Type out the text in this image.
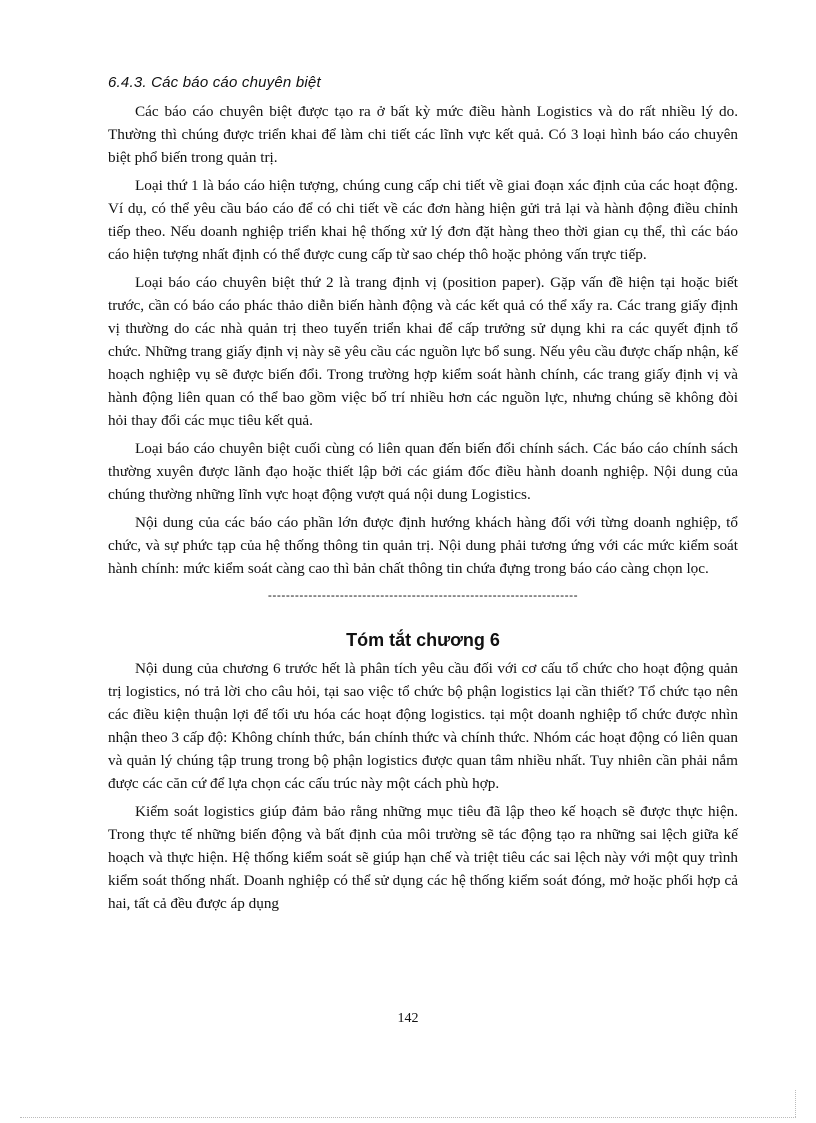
6.4.3. Các báo cáo chuyên biệt

Các báo cáo chuyên biệt được tạo ra ở bất kỳ mức điều hành Logistics và do rất nhiều lý do. Thường thì chúng được triển khai để làm chi tiết các lĩnh vực kết quả. Có 3 loại hình báo cáo chuyên biệt phổ biến trong quản trị.

Loại thứ 1 là báo cáo hiện tượng, chúng cung cấp chi tiết về giai đoạn xác định của các hoạt động. Ví dụ, có thể yêu cầu báo cáo để có chi tiết về các đơn hàng hiện gửi trả lại và hành động điều chỉnh tiếp theo. Nếu doanh nghiệp triển khai hệ thống xử lý đơn đặt hàng theo thời gian cụ thể, thì các báo cáo hiện tượng nhất định có thể được cung cấp từ sao chép thô hoặc phỏng vấn trực tiếp.

Loại báo cáo chuyên biệt thứ 2 là trang định vị (position paper). Gặp vấn đề hiện tại hoặc biết trước, cần có báo cáo phác thảo diễn biến hành động và các kết quả có thể xẩy ra. Các trang giấy định vị thường do các nhà quản trị theo tuyến triển khai để cấp trưởng sử dụng khi ra các quyết định tổ chức. Những trang giấy định vị này sẽ yêu cầu các nguồn lực bổ sung. Nếu yêu cầu được chấp nhận, kế hoạch nghiệp vụ sẽ được biến đổi. Trong trường hợp kiểm soát hành chính, các trang giấy định vị và hành động liên quan có thể bao gồm việc bố trí nhiều hơn các nguồn lực, nhưng chúng sẽ không đòi hỏi thay đổi các mục tiêu kết quả.

Loại báo cáo chuyên biệt cuối cùng có liên quan đến biến đổi chính sách. Các báo cáo chính sách thường xuyên được lãnh đạo hoặc thiết lập bởi các giám đốc điều hành doanh nghiệp. Nội dung của chúng thường những lĩnh vực hoạt động vượt quá nội dung Logistics.

Nội dung của các báo cáo phần lớn được định hướng khách hàng đối với từng doanh nghiệp, tổ chức, và sự phức tạp của hệ thống thông tin quản trị. Nội dung phải tương ứng với các mức kiểm soát hành chính: mức kiểm soát càng cao thì bản chất thông tin chứa đựng trong báo cáo càng chọn lọc.

---------------------------------------------------------------------
Tóm tắt chương 6

Nội dung của chương 6 trước hết là phân tích yêu cầu đối với cơ cấu tổ chức cho hoạt động quản trị logistics, nó trả lời cho câu hỏi, tại sao việc tổ chức bộ phận logistics lại cần thiết? Tổ chức tạo nên các điều kiện thuận lợi để tối ưu hóa các hoạt động logistics. tại một doanh nghiệp tổ chức được nhìn nhận theo 3 cấp độ: Không chính thức, bán chính thức và chính thức. Nhóm các hoạt động có liên quan và quản lý chúng tập trung trong bộ phận logistics được quan tâm nhiều nhất. Tuy nhiên cần phải nắm được các căn cứ để lựa chọn các cấu trúc này một cách phù hợp.

Kiểm soát logistics giúp đảm bảo rằng những mục tiêu đã lập theo kế hoạch sẽ được thực hiện. Trong thực tế những biến động và bất định của môi trường sẽ tác động tạo ra những sai lệch giữa kế hoạch và thực hiện. Hệ thống kiểm soát sẽ giúp hạn chế và triệt tiêu các sai lệch này với một quy trình kiểm soát thống nhất. Doanh nghiệp có thể sử dụng các hệ thống kiểm soát đóng, mở hoặc phối hợp cả hai, tất cả đều được áp dụng

142
